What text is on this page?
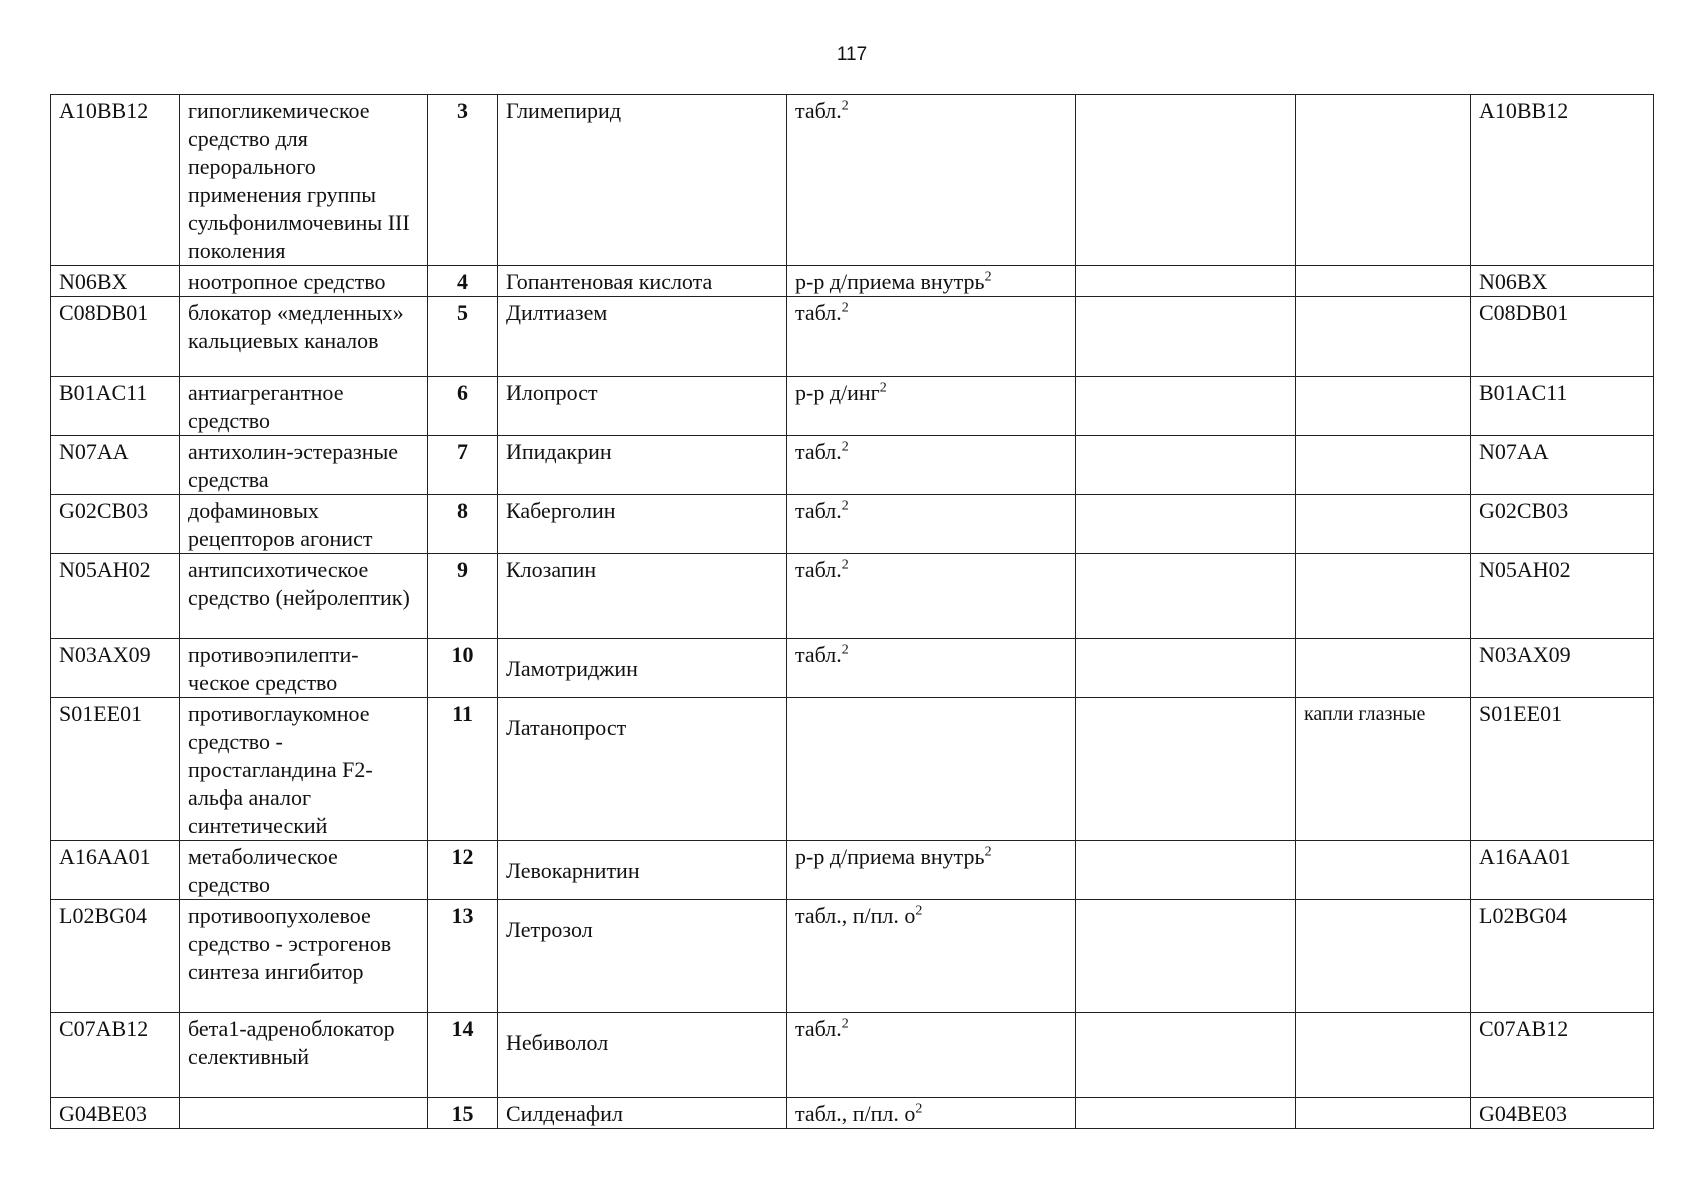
117
A10BB12	гипогликемическое средство для перорального применения группы сульфонилмочевины III поколения	3	Глимепирид	табл.$^2$			A10BB12
N06BX	ноотропное средство	4	Гопантеновая кислота	р-р д/приема внутрь$^2$			N06BX
C08DB01	блокатор «медленных» кальциевых каналов	5	Дилтиазем	табл.$^2$			C08DB01
B01AC11	антиагрегантное средство	6	Илопрост	р-р д/инг$^2$			B01AC11
N07AA	антихолин-эстеразные средства	7	Ипидакрин	табл.$^2$			N07AA
G02CB03	дофаминовых рецепторов агонист	8	Каберголин	табл.$^2$			G02CB03
N05AH02	антипсихотическое средство (нейролептик)	9	Клозапин	табл.$^2$			N05AH02
N03AX09	противоэпилепти-ческое средство	10	Ламотриджин	табл.$^2$			N03AX09
S01EE01	противоглаукомное средство - простагландина F2-альфа аналог синтетический	11	Латанопрост			капли глазные	S01EE01
A16AA01	метаболическое средство	12	Левокарнитин	р-р д/приема внутрь$^2$			A16AA01
L02BG04	противоопухолевое средство - эстрогенов синтеза ингибитор	13	Летрозол	табл., п/пл. $о^2$			L02BG04
C07AB12	бета1-адреноблокатор селективный	14	Небиволол	табл.$^2$			C07AB12
G04BE03		15	Силденафил	табл., п/пл. $о^2$			G04BE03
